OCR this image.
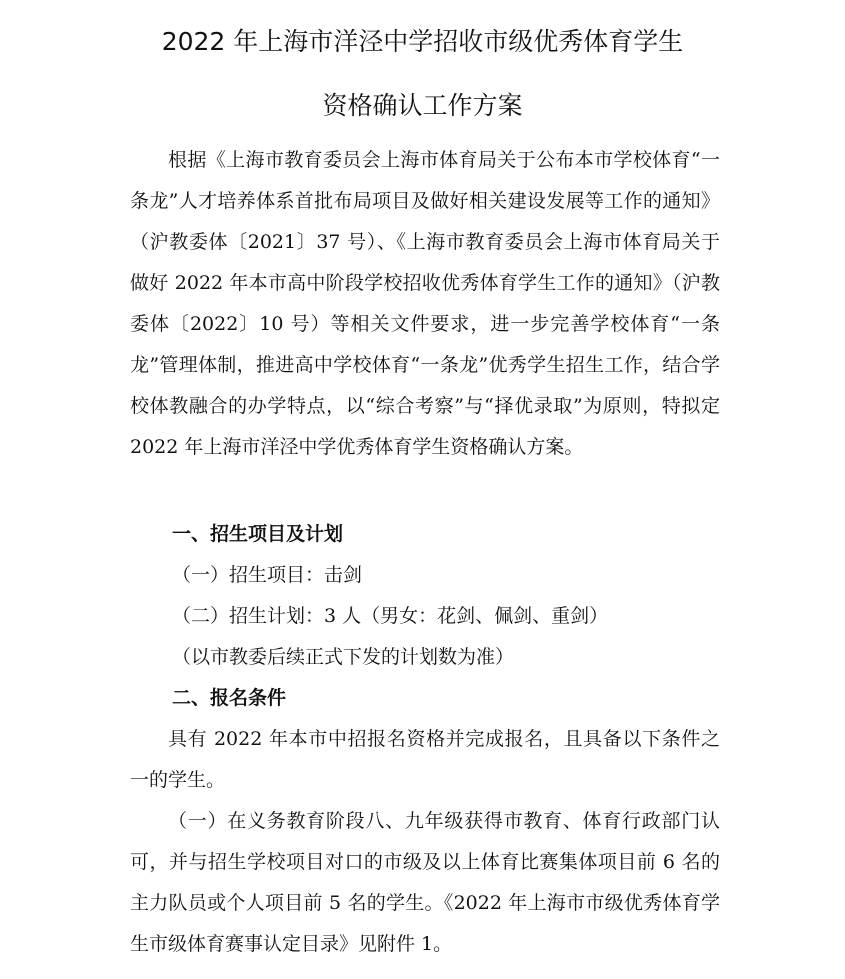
2022 年上海市洋泾中学招收市级优秀体育学生
资格确认工作方案

根据《上海市教育委员会上海市体育局关于公布本市学校体育“一条龙”人才培养体系首批布局项目及做好相关建设发展等工作的通知》（沪教委体〔2021〕37 号）、《上海市教育委员会上海市体育局关于做好 2022 年本市高中阶段学校招收优秀体育学生工作的通知》（沪教委体〔2022〕10 号）等相关文件要求，进一步完善学校体育“一条龙”管理体制，推进高中学校体育“一条龙”优秀学生招生工作，结合学校体教融合的办学特点，以“综合考察”与“择优录取”为原则，特拟定 2022 年上海市洋泾中学优秀体育学生资格确认方案。

一、招生项目及计划
（一）招生项目：击剑
（二）招生计划：3 人（男女：花剑、佩剑、重剑）
（以市教委后续正式下发的计划数为准）
二、报名条件

具有 2022 年本市中招报名资格并完成报名，且具备以下条件之一的学生。

（一）在义务教育阶段八、九年级获得市教育、体育行政部门认可，并与招生学校项目对口的市级及以上体育比赛集体项目前 6 名的主力队员或个人项目前 5 名的学生。《2022 年上海市市级优秀体育学生市级体育赛事认定目录》见附件 1。
